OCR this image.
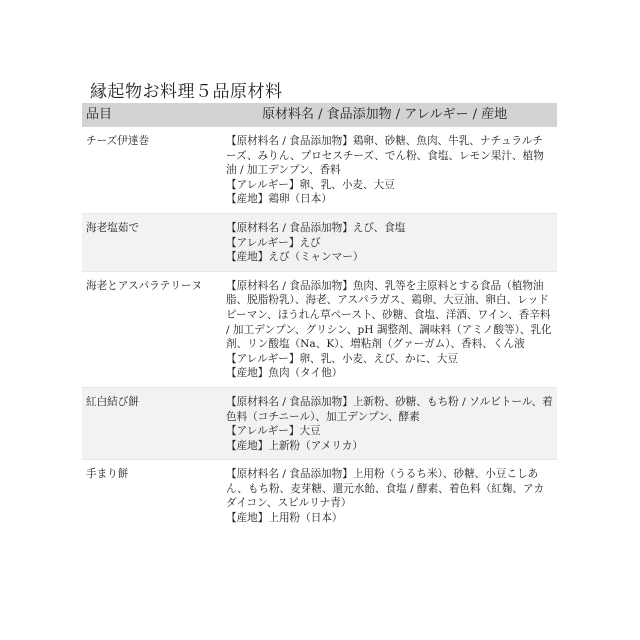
縁起物お料理５品原材料
品目	原材料名 / 食品添加物 / アレルギー / 産地
チーズ伊達巻	【原材料名 / 食品添加物】鶏卵、砂糖、魚肉、牛乳、ナチュラルチーズ、みりん、プロセスチーズ、でん粉、食塩、レモン果汁、植物油 / 加工デンプン、香料
【アレルギー】卵、乳、小麦、大豆
【産地】鶏卵（日本）

海老塩茹で	【原材料名 / 食品添加物】えび、食塩
【アレルギー】えび
【産地】えび（ミャンマー）

海老とアスパラテリーヌ	【原材料名 / 食品添加物】魚肉、乳等を主原料とする食品（植物油脂、脱脂粉乳）、海老、アスパラガス、鶏卵、大豆油、卵白、レッドピーマン、ほうれん草ペースト、砂糖、食塩、洋酒、ワイン、香辛料 / 加工デンプン、グリシン、pH 調整剤、調味料（アミノ酸等）、乳化剤、リン酸塩（Na、K）、増粘剤（グァーガム）、香料、くん液
【アレルギー】卵、乳、小麦、えび、かに、大豆
【産地】魚肉（タイ他）

紅白結び餅	【原材料名 / 食品添加物】上新粉、砂糖、もち粉 / ソルビトール、着色料（コチニール）、加工デンプン、酵素
【アレルギー】大豆
【産地】上新粉（アメリカ）

手まり餅	【原材料名 / 食品添加物】上用粉（うるち米）、砂糖、小豆こしあん、もち粉、麦芽糖、還元水飴、食塩 / 酵素、着色料（紅麹、アカダイコン、スピルリナ青）
【産地】上用粉（日本）
